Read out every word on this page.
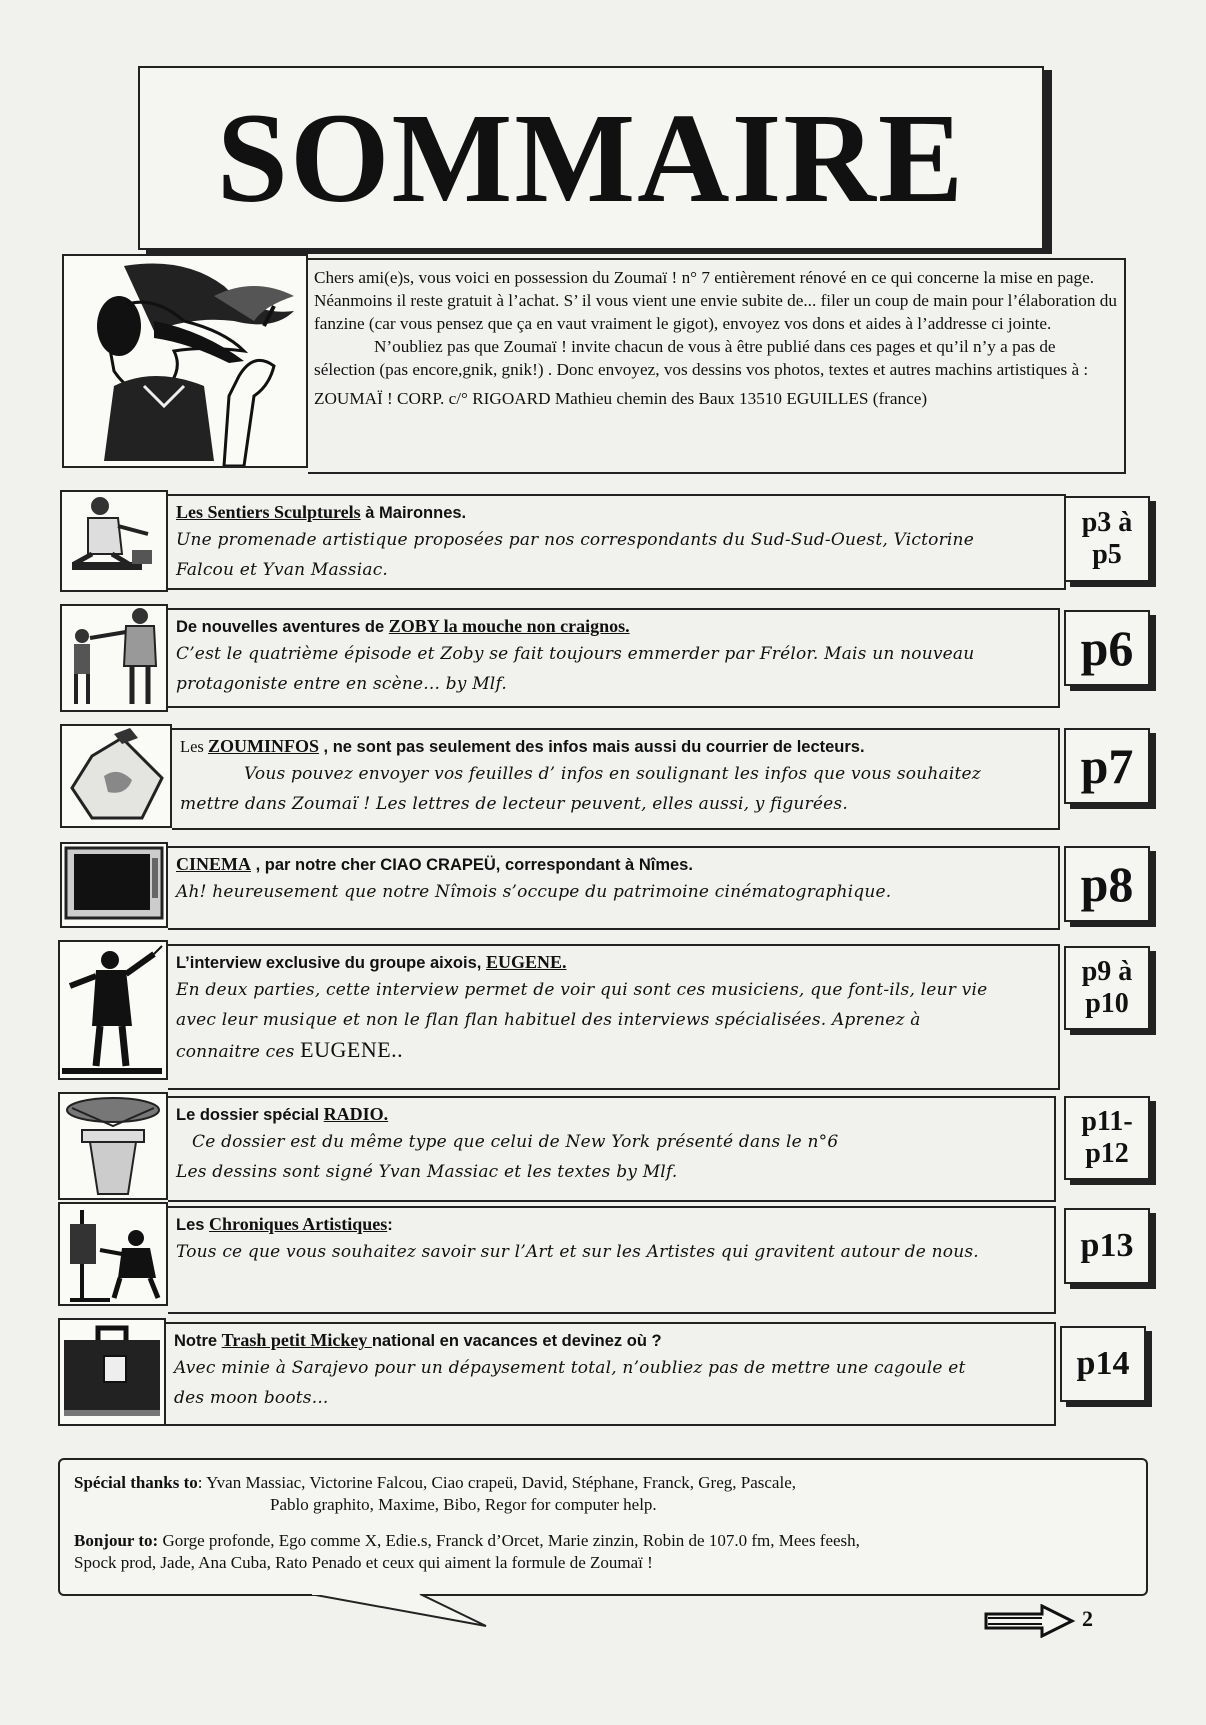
SOMMAIRE

Chers ami(e)s, vous voici en possession du Zoumaï ! n° 7 entièrement rénové en ce qui concerne la mise en page. Néanmoins il reste gratuit à l’achat. S’ il vous vient une envie subite de... filer un coup de main pour l’élaboration du fanzine (car vous pensez que ça en vaut vraiment le gigot), envoyez vos dons et aides à l’addresse ci jointe.

N’oubliez pas que Zoumaï ! invite chacun de vous à être publié dans ces pages et qu’il n’y a pas de sélection (pas encore,gnik, gnik!) . Donc envoyez, vos dessins vos photos, textes et autres machins artistiques à :

ZOUMAÏ ! CORP. c/° RIGOARD Mathieu chemin des Baux 13510 EGUILLES (france)

Les Sentiers Sculpturels à Maironnes.
Une promenade artistique proposées par nos correspondants du Sud-Sud-Ouest, Victorine
Falcou et Yvan Massiac.
p3 à
p5
De nouvelles aventures de ZOBY la mouche non craignos.
C’est le quatrième épisode et Zoby se fait toujours emmerder par Frélor. Mais un nouveau
protagoniste entre en scène... by Mlf.
p6
Les ZOUMINFOS , ne sont pas seulement des infos mais aussi du courrier de lecteurs.
Vous pouvez envoyer vos feuilles d’ infos en soulignant les infos que vous souhaitez
mettre dans Zoumaï ! Les lettres de lecteur peuvent, elles aussi, y figurées.
p7
CINEMA , par notre cher CIAO CRAPEÜ, correspondant à Nîmes.
Ah! heureusement que notre Nîmois s’occupe du patrimoine cinématographique.	p8
L’interview exclusive du groupe aixois, EUGENE.
En deux parties, cette interview permet de voir qui sont ces musiciens, que font-ils, leur vie
avec leur musique et non le flan flan habituel des interviews spécialisées. Aprenez à
connaitre ces EUGENE..
p9 à
p10
Le dossier spécial RADIO.
Ce dossier est du même type que celui de New York présenté dans le n°6
Les dessins sont signé Yvan Massiac et les textes by Mlf.
p11-
p12
Les Chroniques Artistiques:
Tous ce que vous souhaitez savoir sur l’Art et sur les Artistes qui gravitent autour de nous.	p13
Notre Trash petit Mickey national en vacances et devinez où ?
Avec minie à Sarajevo pour un dépaysement total, n’oubliez pas de mettre une cagoule et
des moon boots...
p14

Spécial thanks to: Yvan Massiac, Victorine Falcou, Ciao crapeü, David, Stéphane, Franck, Greg, Pascale,

Pablo graphito, Maxime, Bibo, Regor for computer help.

Bonjour to: Gorge profonde, Ego comme X, Edie.s, Franck d’Orcet, Marie zinzin, Robin de 107.0 fm, Mees feesh,

Spock prod, Jade, Ana Cuba, Rato Penado et ceux qui aiment la formule de Zoumaï !

2
